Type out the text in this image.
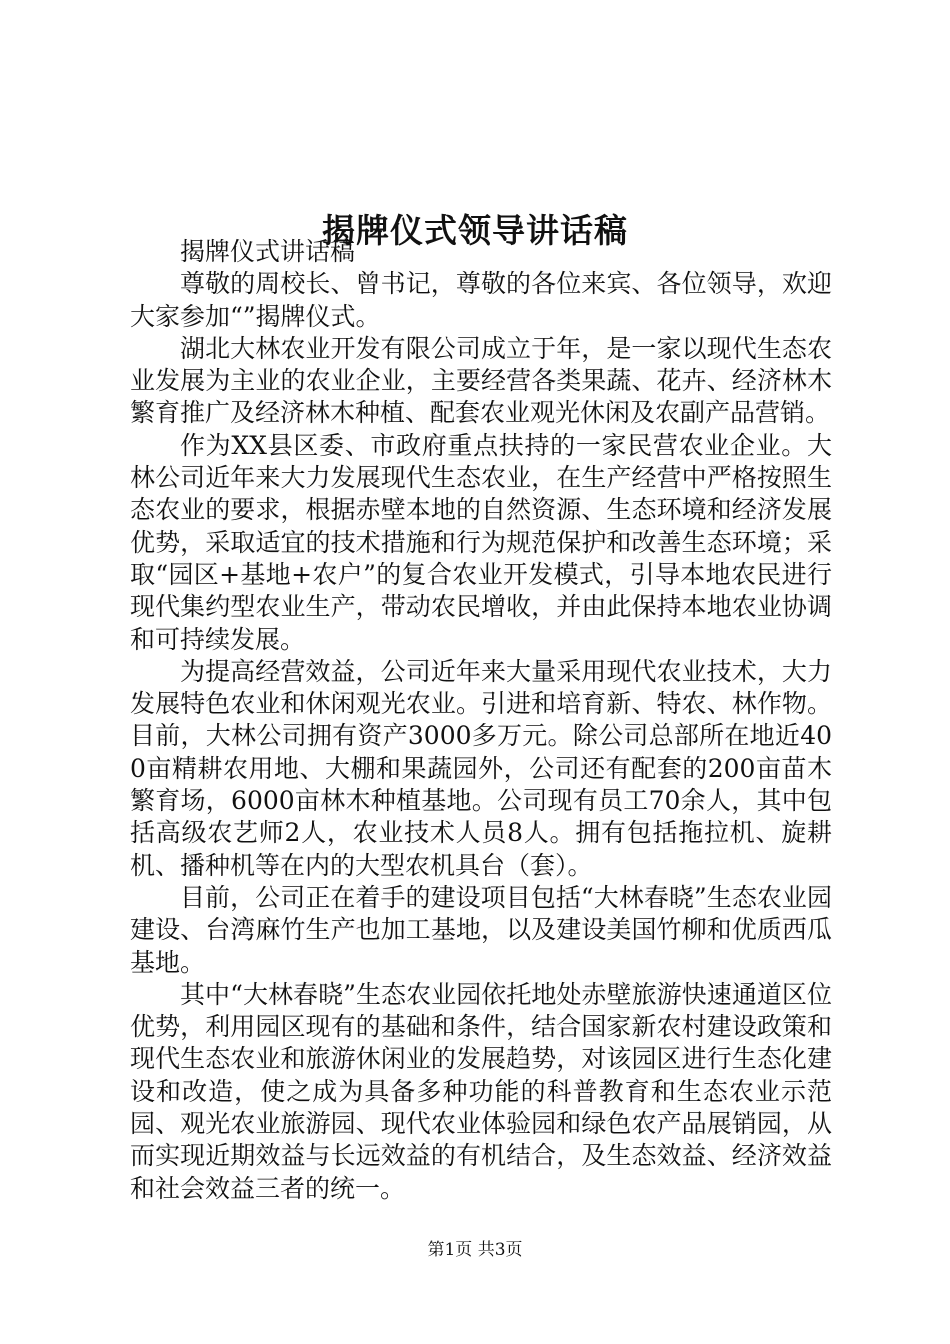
揭牌仪式领导讲话稿

揭牌仪式讲话稿

尊敬的周校长、曾书记，尊敬的各位来宾、各位领导，欢迎大家参加“”揭牌仪式。

湖北大林农业开发有限公司成立于年，是一家以现代生态农业发展为主业的农业企业，主要经营各类果蔬、花卉、经济林木繁育推广及经济林木种植、配套农业观光休闲及农副产品营销。

作为XX县区委、市政府重点扶持的一家民营农业企业。大林公司近年来大力发展现代生态农业，在生产经营中严格按照生态农业的要求，根据赤壁本地的自然资源、生态环境和经济发展优势，采取适宜的技术措施和行为规范保护和改善生态环境；采取“园区+基地+农户”的复合农业开发模式，引导本地农民进行现代集约型农业生产，带动农民增收，并由此保持本地农业协调和可持续发展。

为提高经营效益，公司近年来大量采用现代农业技术，大力发展特色农业和休闲观光农业。引进和培育新、特农、林作物。目前，大林公司拥有资产3000多万元。除公司总部所在地近400亩精耕农用地、大棚和果蔬园外，公司还有配套的200亩苗木繁育场，6000亩林木种植基地。公司现有员工70余人，其中包括高级农艺师2人，农业技术人员8人。拥有包括拖拉机、旋耕机、播种机等在内的大型农机具台（套）。

目前，公司正在着手的建设项目包括“大林春晓”生态农业园建设、台湾麻竹生产也加工基地，以及建设美国竹柳和优质西瓜基地。

其中“大林春晓”生态农业园依托地处赤壁旅游快速通道区位优势，利用园区现有的基础和条件，结合国家新农村建设政策和现代生态农业和旅游休闲业的发展趋势，对该园区进行生态化建设和改造，使之成为具备多种功能的科普教育和生态农业示范园、观光农业旅游园、现代农业体验园和绿色农产品展销园，从而实现近期效益与长远效益的有机结合，及生态效益、经济效益和社会效益三者的统一。

第1页 共3页
